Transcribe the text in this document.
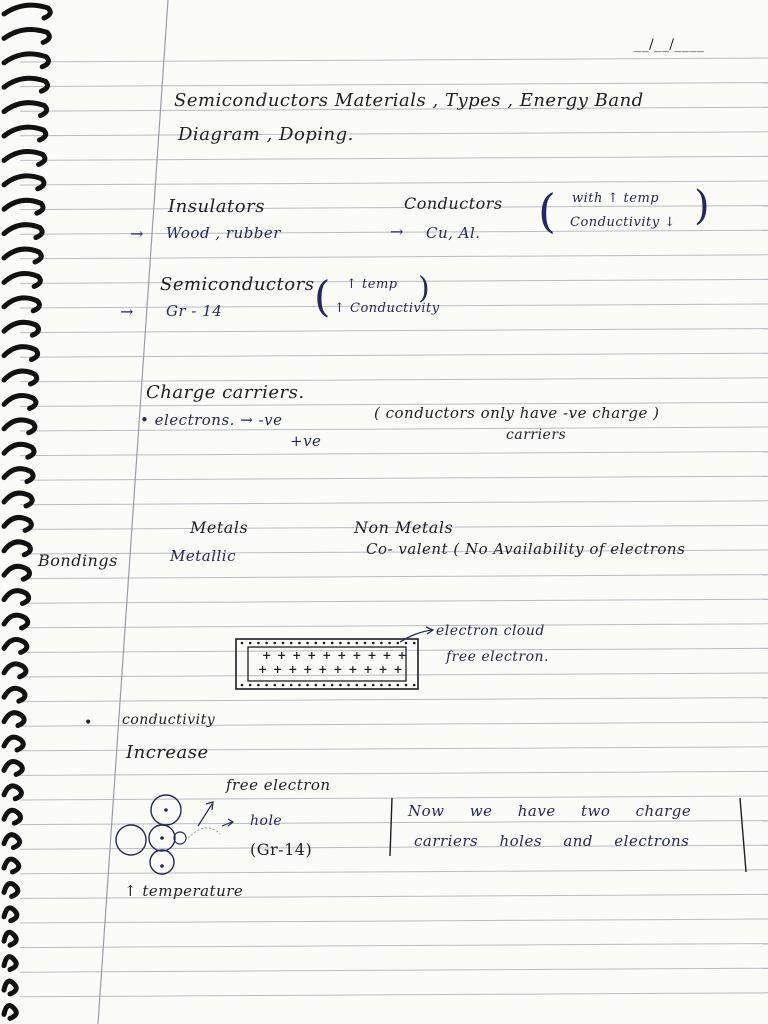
__/__/____
Semiconductors Materials , Types , Energy Band
Diagram , Doping.
Insulators
→ Wood , rubber
Conductors
→ Cu, Al. ( with ↑ temp
Conductivity ↓ )
Semiconductors
→ Gr - 14 ( ↑ temp
↑ Conductivity
)
Charge carriers.
• electrons. → -ve
+ve
( conductors only have -ve charge )
carriers
Metals	Non Metals
Bondings	Metallic	Co- valent ( No Availability of electrons
+ + + + + + + + + +
+ + + + + + + + + +
electron cloud
free electron.
• conductivity
Increase
free electron
hole
(Gr-14)
↑ temperature
Now we have two charge
carriers holes and electrons
